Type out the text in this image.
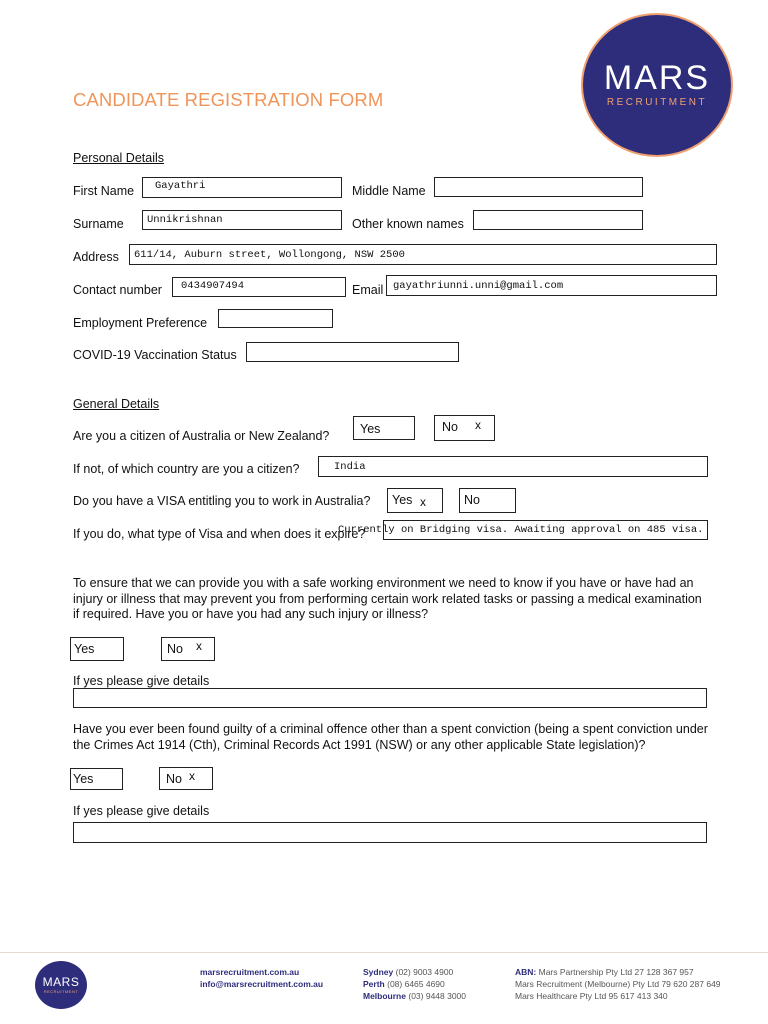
CANDIDATE REGISTRATION FORM
MARS
RECRUITMENT
Personal Details
First Name Gayathri	Middle Name
Surname Unnikrishnan	Other known names
Address 611/14, Auburn street, Wollongong, NSW 2500
Contact number 0434907494	Email gayathriunni.unni@gmail.com
Employment Preference
COVID-19 Vaccination Status
General Details
Are you a citizen of Australia or New Zealand? Yes	No x
If not, of which country are you a citizen?	India
Do you have a VISA entitling you to work in Australia? Yes x	No
If you do, what type of Visa and when does it expire?
Currently on Bridging visa. Awaiting approval on 485 visa.
To ensure that we can provide you with a safe working environment we need to know if you have or have had an injury or illness that may prevent you from performing certain work related tasks or passing a medical examination if required. Have you or have you had any such injury or illness?
Yes	No x
If yes please give details
Have you ever been found guilty of a criminal offence other than a spent conviction (being a spent conviction under the Crimes Act 1914 (Cth), Criminal Records Act 1991 (NSW) or any other applicable State legislation)?
Yes	No x
If yes please give details
MARS
RECRUITMENT
marsrecruitment.com.au
info@marsrecruitment.com.au
Sydney (02) 9003 4900
Perth (08) 6465 4690
Melbourne (03) 9448 3000
ABN: Mars Partnership Pty Ltd 27 128 367 957
Mars Recruitment (Melbourne) Pty Ltd 79 620 287 649
Mars Healthcare Pty Ltd 95 617 413 340
